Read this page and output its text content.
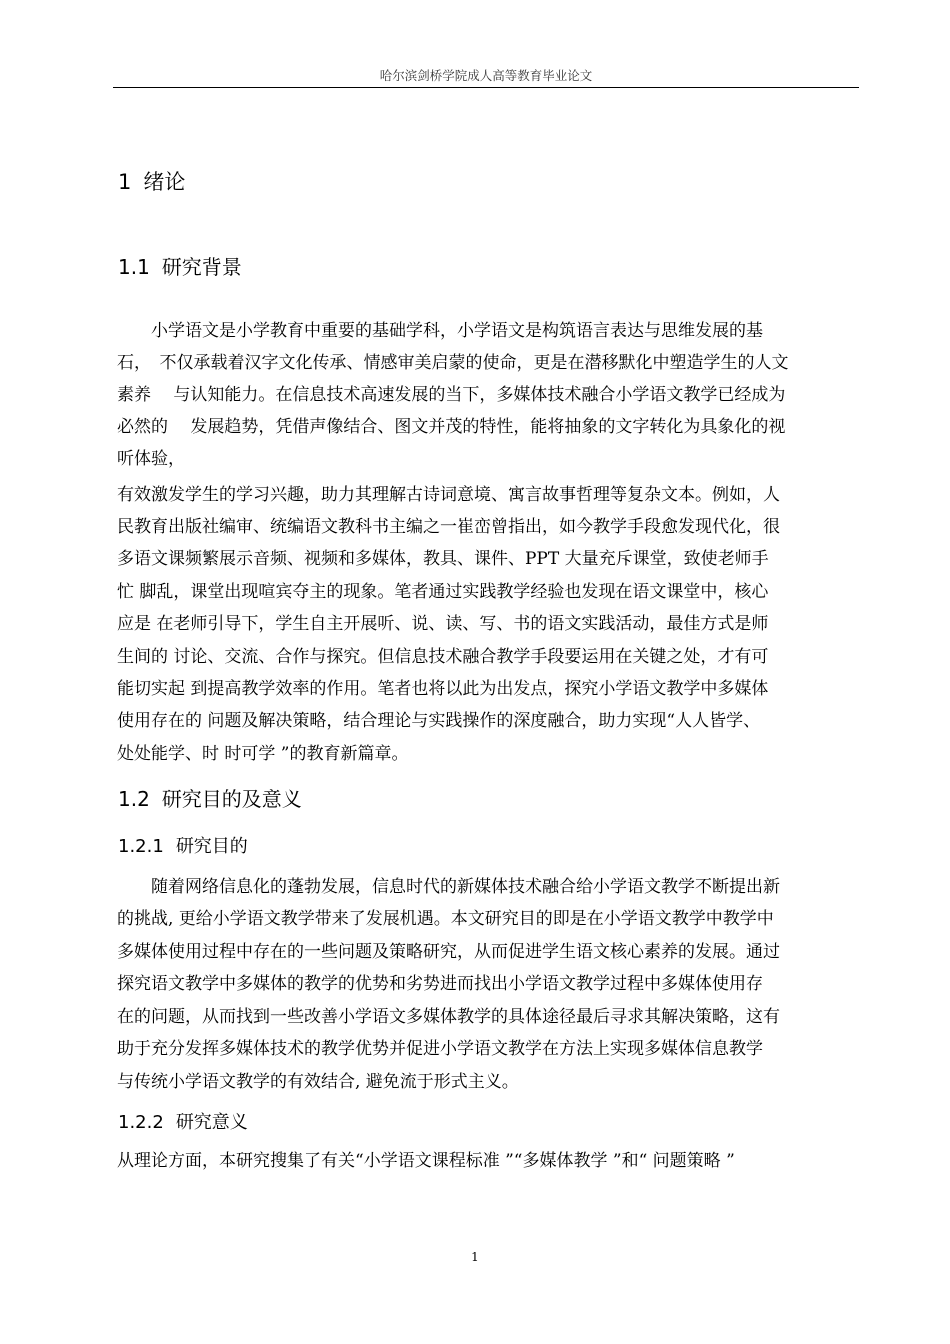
哈尔滨剑桥学院成人高等教育毕业论文
1 绪论
1.1 研究背景
　　小学语文是小学教育中重要的基础学科，小学语文是构筑语言表达与思维发展的基
石，　不仅承载着汉字文化传承、情感审美启蒙的使命，更是在潜移默化中塑造学生的人文
素养　 与认知能力。在信息技术高速发展的当下，多媒体技术融合小学语文教学已经成为
必然的　 发展趋势，凭借声像结合、图文并茂的特性，能将抽象的文字转化为具象化的视
听体验，
有效激发学生的学习兴趣，助力其理解古诗词意境、寓言故事哲理等复杂文本。例如，人
民教育出版社编审、统编语文教科书主编之一崔峦曾指出，如今教学手段愈发现代化，很
多语文课频繁展示音频、视频和多媒体，教具、课件、PPT 大量充斥课堂，致使老师手
忙 脚乱，课堂出现喧宾夺主的现象。笔者通过实践教学经验也发现在语文课堂中，核心
应是 在老师引导下，学生自主开展听、说、读、写、书的语文实践活动，最佳方式是师
生间的 讨论、交流、合作与探究。但信息技术融合教学手段要运用在关键之处，才有可
能切实起 到提高教学效率的作用。笔者也将以此为出发点，探究小学语文教学中多媒体
使用存在的 问题及解决策略，结合理论与实践操作的深度融合，助力实现“人人皆学、
处处能学、时 时可学 ”的教育新篇章。
1.2 研究目的及意义
1.2.1 研究目的
　　随着网络信息化的蓬勃发展，信息时代的新媒体技术融合给小学语文教学不断提出新
的挑战, 更给小学语文教学带来了发展机遇。本文研究目的即是在小学语文教学中教学中
多媒体使用过程中存在的一些问题及策略研究，从而促进学生语文核心素养的发展。通过
探究语文教学中多媒体的教学的优势和劣势进而找出小学语文教学过程中多媒体使用存
在的问题，从而找到一些改善小学语文多媒体教学的具体途径最后寻求其解决策略，这有
助于充分发挥多媒体技术的教学优势并促进小学语文教学在方法上实现多媒体信息教学
与传统小学语文教学的有效结合, 避免流于形式主义。
1.2.2 研究意义
从理论方面，本研究搜集了有关“小学语文课程标准 ”“多媒体教学 ”和“ 问题策略 ”
1
